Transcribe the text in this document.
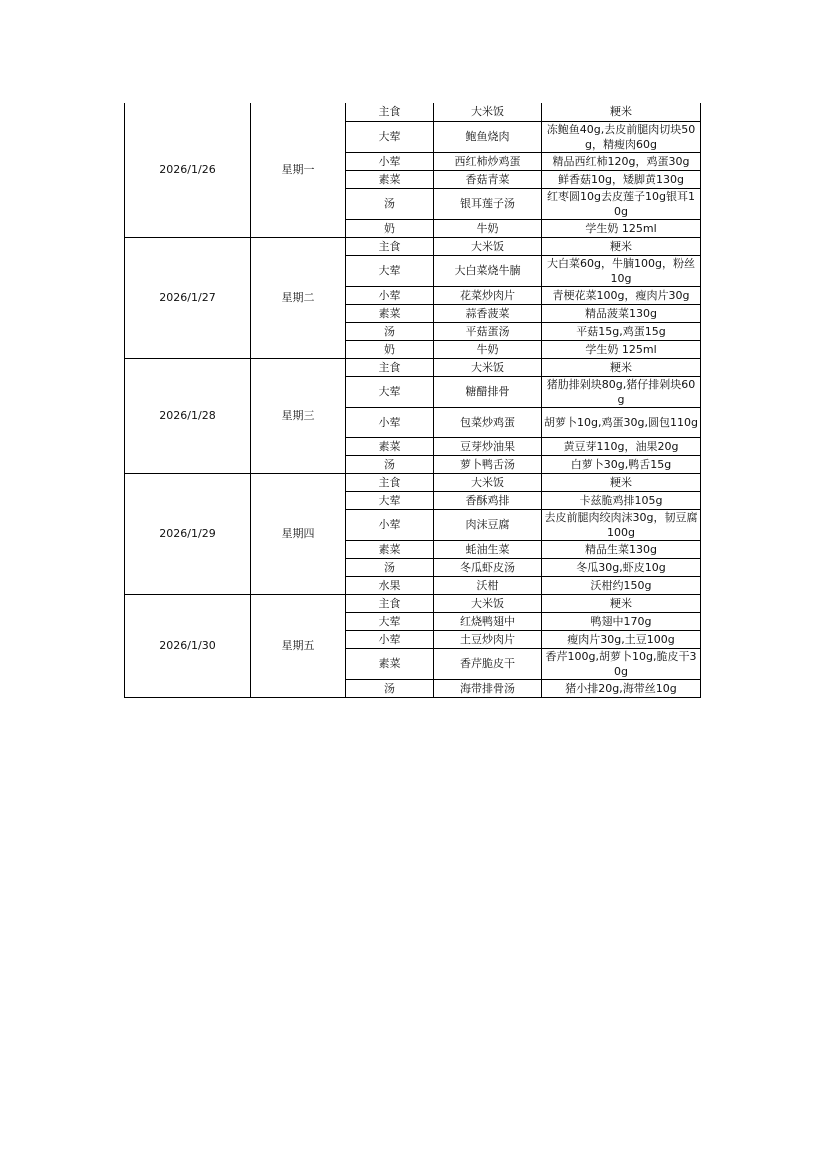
2026/1/26	星期一	主食	大米饭	粳米
		大荤	鲍鱼烧肉	冻鲍鱼40g,去皮前腿肉切块50g，精瘦肉60g
		小荤	西红柿炒鸡蛋	精品西红柿120g，鸡蛋30g
		素菜	香菇青菜	鲜香菇10g，矮脚黄130g
		汤	银耳莲子汤	红枣圆10g去皮莲子10g银耳10g
		奶	牛奶	学生奶 125ml
2026/1/27	星期二	主食	大米饭	粳米
		大荤	大白菜烧牛腩	大白菜60g，牛腩100g，粉丝10g
		小荤	花菜炒肉片	青梗花菜100g，瘦肉片30g
		素菜	蒜香菠菜	精品菠菜130g
		汤	平菇蛋汤	平菇15g,鸡蛋15g
		奶	牛奶	学生奶 125ml
2026/1/28	星期三	主食	大米饭	粳米
		大荤	糖醋排骨	猪肋排剁块80g,猪仔排剁块60g
		小荤	包菜炒鸡蛋	胡萝卜10g,鸡蛋30g,圆包110g
		素菜	豆芽炒油果	黄豆芽110g，油果20g
		汤	萝卜鸭舌汤	白萝卜30g,鸭舌15g
2026/1/29	星期四	主食	大米饭	粳米
		大荤	香酥鸡排	卡兹脆鸡排105g
		小荤	肉沫豆腐	去皮前腿肉绞肉沫30g，韧豆腐100g
		素菜	蚝油生菜	精品生菜130g
		汤	冬瓜虾皮汤	冬瓜30g,虾皮10g
		水果	沃柑	沃柑约150g
2026/1/30	星期五	主食	大米饭	粳米
		大荤	红烧鸭翅中	鸭翅中170g
		小荤	土豆炒肉片	瘦肉片30g,土豆100g
		素菜	香芹脆皮干	香芹100g,胡萝卜10g,脆皮干30g
		汤	海带排骨汤	猪小排20g,海带丝10g
